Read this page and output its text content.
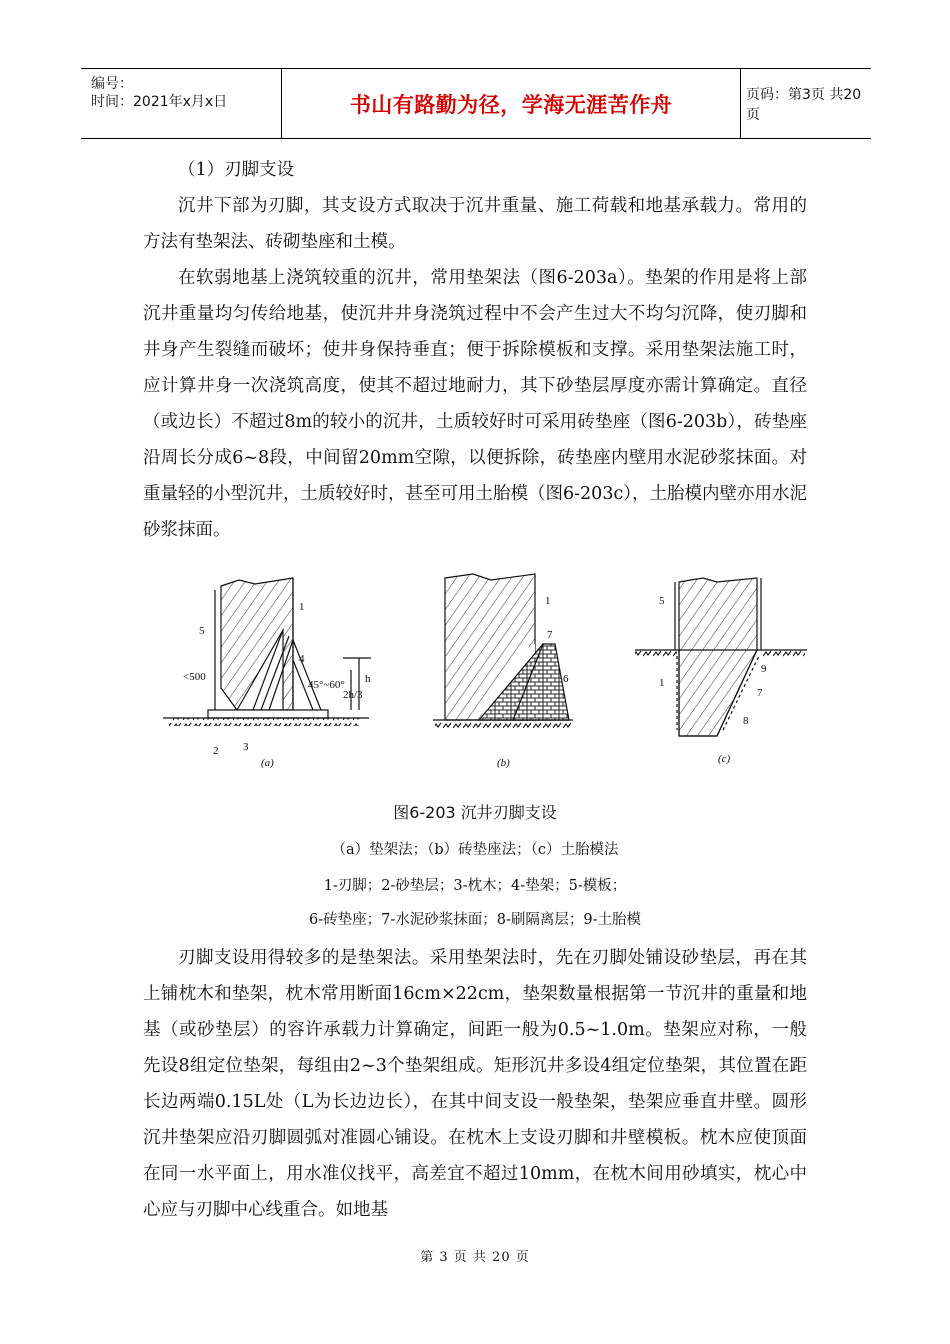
编号：
时间：2021年x月x日	书山有路勤为径，学海无涯苦作舟	页码：第3页 共20页

（1）刃脚支设

沉井下部为刃脚，其支设方式取决于沉井重量、施工荷载和地基承载力。常用的方法有垫架法、砖砌垫座和土模。

在软弱地基上浇筑较重的沉井，常用垫架法（图6-203a）。垫架的作用是将上部沉井重量均匀传给地基，使沉井井身浇筑过程中不会产生过大不均匀沉降，使刃脚和井身产生裂缝而破坏；使井身保持垂直；便于拆除模板和支撑。采用垫架法施工时，应计算井身一次浇筑高度，使其不超过地耐力，其下砂垫层厚度亦需计算确定。直径（或边长）不超过8m的较小的沉井，土质较好时可采用砖垫座（图6-203b），砖垫座沿周长分成6~8段，中间留20mm空隙，以便拆除，砖垫座内壁用水泥砂浆抹面。对重量轻的小型沉井，土质较好时，甚至可用土胎模（图6-203c），土胎模内壁亦用水泥砂浆抹面。

<500
45°~60°
2h/3
h
1
4
5
2 3
(a)
1
7
6
(b)
5
1
9
7
8
(c)
图6-203 沉井刃脚支设
（a）垫架法；（b）砖垫座法；（c）土胎模法
1-刃脚；2-砂垫层；3-枕木；4-垫架；5-模板；
6-砖垫座；7-水泥砂浆抹面；8-刷隔离层；9-土胎模

刃脚支设用得较多的是垫架法。采用垫架法时，先在刃脚处铺设砂垫层，再在其上铺枕木和垫架，枕木常用断面16cm×22cm，垫架数量根据第一节沉井的重量和地基（或砂垫层）的容许承载力计算确定，间距一般为0.5~1.0m。垫架应对称，一般先设8组定位垫架，每组由2~3个垫架组成。矩形沉井多设4组定位垫架，其位置在距长边两端0.15L处（L为长边边长），在其中间支设一般垫架，垫架应垂直井壁。圆形沉井垫架应沿刃脚圆弧对准圆心铺设。在枕木上支设刃脚和井壁模板。枕木应使顶面在同一水平面上，用水准仪找平，高差宜不超过10mm，在枕木间用砂填实，枕心中心应与刃脚中心线重合。如地基

第 3 页 共 20 页
